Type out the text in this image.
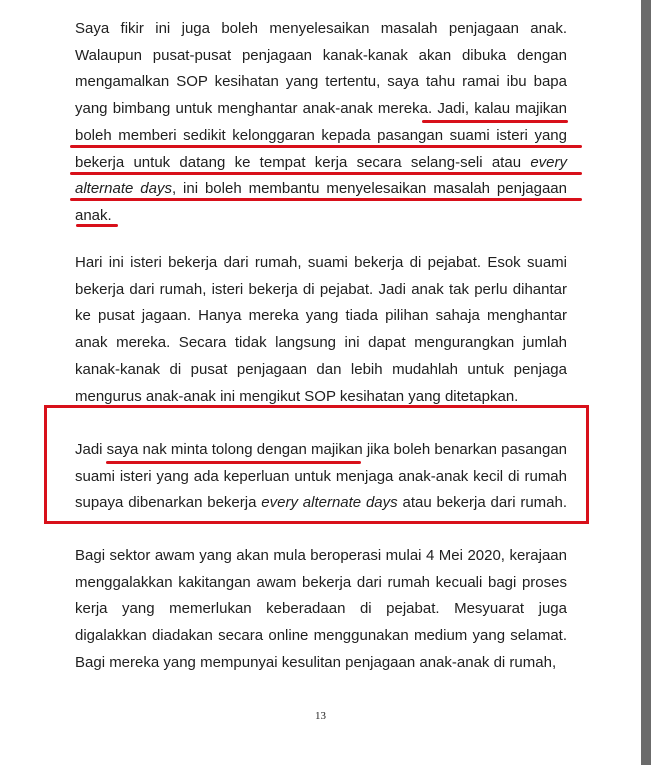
Saya fikir ini juga boleh menyelesaikan masalah penjagaan anak.
Walaupun pusat-pusat penjagaan kanak-kanak akan dibuka dengan
mengamalkan SOP kesihatan yang tertentu, saya tahu ramai ibu bapa
yang bimbang untuk menghantar anak-anak mereka. Jadi, kalau majikan
boleh memberi sedikit kelonggaran kepada pasangan suami isteri yang
bekerja untuk datang ke tempat kerja secara selang-seli atau every
alternate days, ini boleh membantu menyelesaikan masalah penjagaan
anak.
Hari ini isteri bekerja dari rumah, suami bekerja di pejabat. Esok suami
bekerja dari rumah, isteri bekerja di pejabat. Jadi anak tak perlu dihantar
ke pusat jagaan. Hanya mereka yang tiada pilihan sahaja menghantar
anak mereka. Secara tidak langsung ini dapat mengurangkan jumlah
kanak-kanak di pusat penjagaan dan lebih mudahlah untuk penjaga
mengurus anak-anak ini mengikut SOP kesihatan yang ditetapkan.
Jadi saya nak minta tolong dengan majikan jika boleh benarkan pasangan
suami isteri yang ada keperluan untuk menjaga anak-anak kecil di rumah
supaya dibenarkan bekerja every alternate days atau bekerja dari rumah.
Bagi sektor awam yang akan mula beroperasi mulai 4 Mei 2020, kerajaan
menggalakkan kakitangan awam bekerja dari rumah kecuali bagi proses
kerja yang memerlukan keberadaan di pejabat. Mesyuarat juga
digalakkan diadakan secara online menggunakan medium yang selamat.
Bagi mereka yang mempunyai kesulitan penjagaan anak-anak di rumah,
13
